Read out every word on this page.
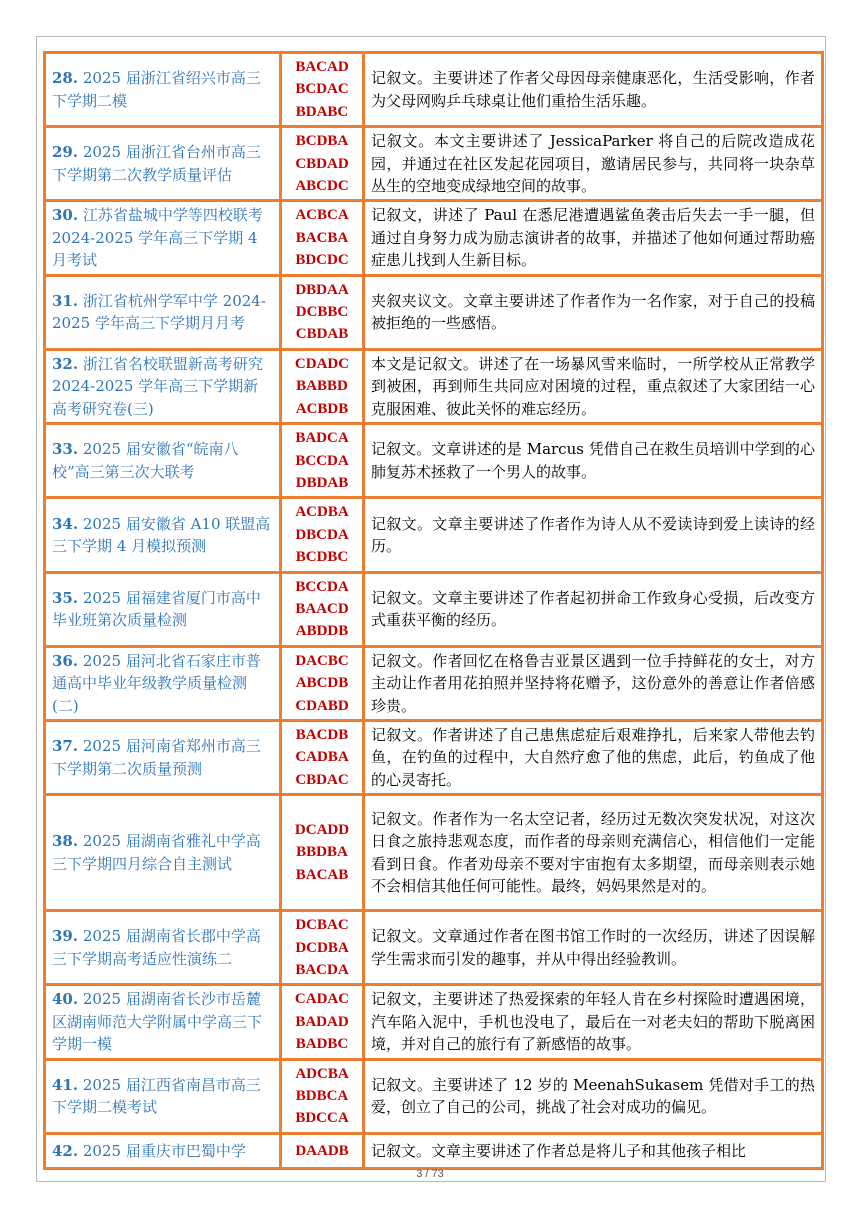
28. 2025 届浙江省绍兴市高三下学期二模	BACAD
BCDAC
BDABC	记叙文。主要讲述了作者父母因母亲健康恶化，生活受影响，作者为父母网购乒乓球桌让他们重拾生活乐趣。
29. 2025 届浙江省台州市高三下学期第二次教学质量评估	BCDBA
CBDAD
ABCDC	记叙文。本文主要讲述了 JessicaParker 将自己的后院改造成花园，并通过在社区发起花园项目，邀请居民参与，共同将一块杂草丛生的空地变成绿地空间的故事。
30. 江苏省盐城中学等四校联考 2024-2025 学年高三下学期 4 月考试	ACBCA
BACBA
BDCDC	记叙文，讲述了 Paul 在悉尼港遭遇鲨鱼袭击后失去一手一腿，但通过自身努力成为励志演讲者的故事，并描述了他如何通过帮助癌症患儿找到人生新目标。
31. 浙江省杭州学军中学 2024-2025 学年高三下学期月月考	DBDAA
DCBBC
CBDAB	夹叙夹议文。文章主要讲述了作者作为一名作家，对于自己的投稿被拒绝的一些感悟。
32. 浙江省名校联盟新高考研究 2024-2025 学年高三下学期新高考研究卷(三)	CDADC
BABBD
ACBDB	本文是记叙文。讲述了在一场暴风雪来临时，一所学校从正常教学到被困，再到师生共同应对困境的过程，重点叙述了大家团结一心克服困难、彼此关怀的难忘经历。
33. 2025 届安徽省“皖南八校”高三第三次大联考	BADCA
BCCDA
DBDAB	记叙文。文章讲述的是 Marcus 凭借自己在救生员培训中学到的心肺复苏术拯救了一个男人的故事。
34. 2025 届安徽省 A10 联盟高三下学期 4 月模拟预测	ACDBA
DBCDA
BCDBC	记叙文。文章主要讲述了作者作为诗人从不爱读诗到爱上读诗的经历。
35. 2025 届福建省厦门市高中毕业班第次质量检测	BCCDA
BAACD
ABDDB	记叙文。文章主要讲述了作者起初拼命工作致身心受损，后改变方式重获平衡的经历。
36. 2025 届河北省石家庄市普通高中毕业年级教学质量检测(二)	DACBC
ABCDB
CDABD	记叙文。作者回忆在格鲁吉亚景区遇到一位手持鲜花的女士，对方主动让作者用花拍照并坚持将花赠予，这份意外的善意让作者倍感珍贵。
37. 2025 届河南省郑州市高三下学期第二次质量预测	BACDB
CADBA
CBDAC	记叙文。作者讲述了自己患焦虑症后艰难挣扎，后来家人带他去钓鱼，在钓鱼的过程中，大自然疗愈了他的焦虑，此后，钓鱼成了他的心灵寄托。
38. 2025 届湖南省雅礼中学高三下学期四月综合自主测试	DCADD
BBDBA
BACAB	记叙文。作者作为一名太空记者，经历过无数次突发状况，对这次日食之旅持悲观态度，而作者的母亲则充满信心，相信他们一定能看到日食。作者劝母亲不要对宇宙抱有太多期望，而母亲则表示她不会相信其他任何可能性。最终，妈妈果然是对的。
39. 2025 届湖南省长郡中学高三下学期高考适应性演练二	DCBAC
DCDBA
BACDA	记叙文。文章通过作者在图书馆工作时的一次经历，讲述了因误解学生需求而引发的趣事，并从中得出经验教训。
40. 2025 届湖南省长沙市岳麓区湖南师范大学附属中学高三下学期一模	CADAC
BADAD
BADBC	记叙文，主要讲述了热爱探索的年轻人肯在乡村探险时遭遇困境，汽车陷入泥中，手机也没电了，最后在一对老夫妇的帮助下脱离困境，并对自己的旅行有了新感悟的故事。
41. 2025 届江西省南昌市高三下学期二模考试	ADCBA
BDBCA
BDCCA	记叙文。主要讲述了 12 岁的 MeenahSukasem 凭借对手工的热爱，创立了自己的公司，挑战了社会对成功的偏见。
42. 2025 届重庆市巴蜀中学	DAADB	记叙文。文章主要讲述了作者总是将儿子和其他孩子相比
3 / 73
